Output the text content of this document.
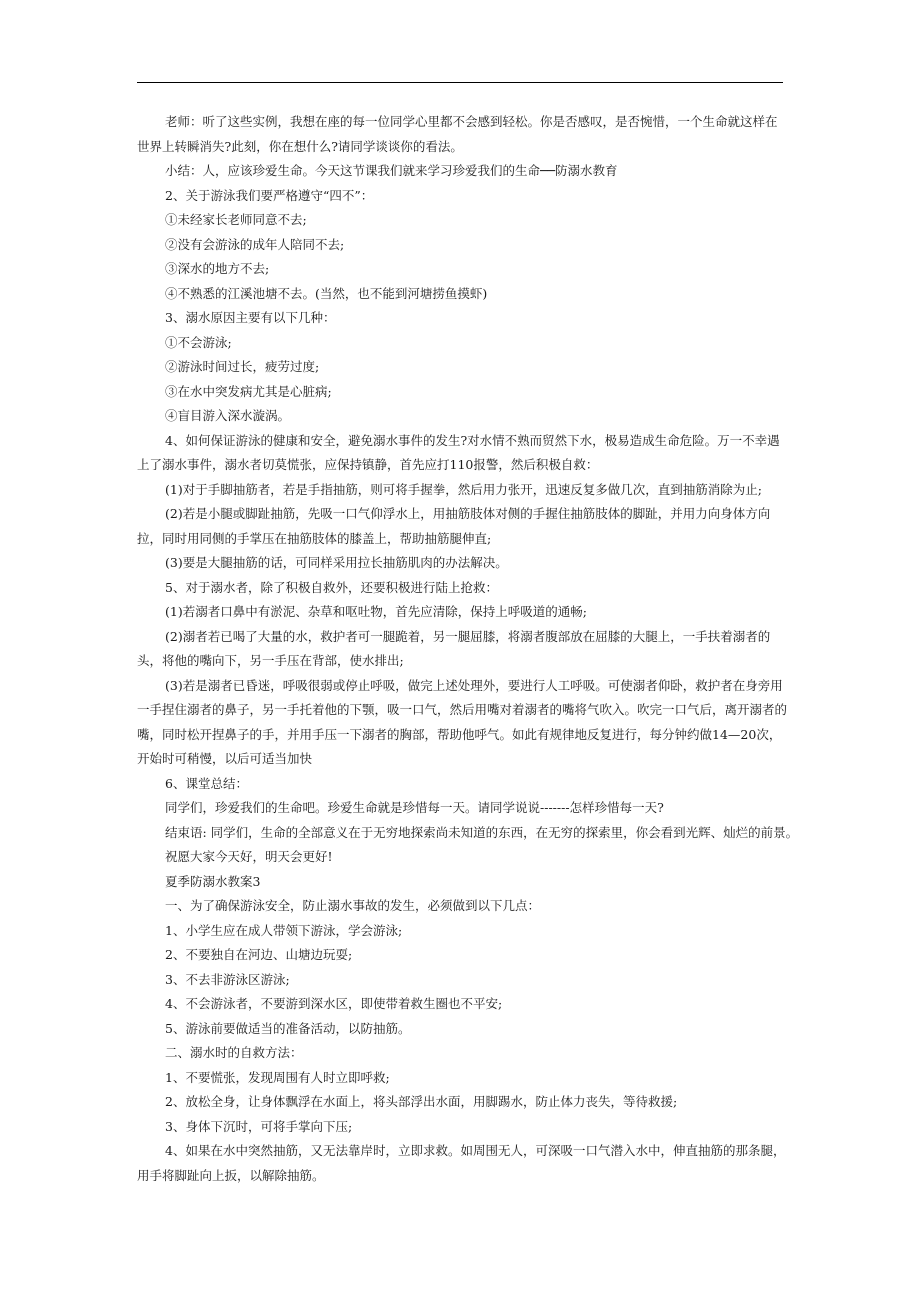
老师：听了这些实例，我想在座的每一位同学心里都不会感到轻松。你是否感叹，是否惋惜，一个生命就这样在世界上转瞬消失?此刻，你在想什么?请同学谈谈你的看法。

小结：人，应该珍爱生命。今天这节课我们就来学习珍爱我们的生命──防溺水教育

2、关于游泳我们要严格遵守“四不”：

①未经家长老师同意不去;

②没有会游泳的成年人陪同不去;

③深水的地方不去;

④不熟悉的江溪池塘不去。(当然，也不能到河塘捞鱼摸虾)

3、溺水原因主要有以下几种：

①不会游泳;

②游泳时间过长，疲劳过度;

③在水中突发病尤其是心脏病;

④盲目游入深水漩涡。

4、如何保证游泳的健康和安全，避免溺水事件的发生?对水情不熟而贸然下水，极易造成生命危险。万一不幸遇上了溺水事件，溺水者切莫慌张，应保持镇静，首先应打110报警，然后积极自救：

(1)对于手脚抽筋者，若是手指抽筋，则可将手握拳，然后用力张开，迅速反复多做几次，直到抽筋消除为止;

(2)若是小腿或脚趾抽筋，先吸一口气仰浮水上，用抽筋肢体对侧的手握住抽筋肢体的脚趾，并用力向身体方向拉，同时用同侧的手掌压在抽筋肢体的膝盖上，帮助抽筋腿伸直;

(3)要是大腿抽筋的话，可同样采用拉长抽筋肌肉的办法解决。

5、对于溺水者，除了积极自救外，还要积极进行陆上抢救：

(1)若溺者口鼻中有淤泥、杂草和呕吐物，首先应清除，保持上呼吸道的通畅;

(2)溺者若已喝了大量的水，救护者可一腿跪着，另一腿屈膝，将溺者腹部放在屈膝的大腿上，一手扶着溺者的头，将他的嘴向下，另一手压在背部，使水排出;

(3)若是溺者已昏迷，呼吸很弱或停止呼吸，做完上述处理外，要进行人工呼吸。可使溺者仰卧，救护者在身旁用一手捏住溺者的鼻子，另一手托着他的下颚，吸一口气，然后用嘴对着溺者的嘴将气吹入。吹完一口气后，离开溺者的嘴，同时松开捏鼻子的手，并用手压一下溺者的胸部，帮助他呼气。如此有规律地反复进行，每分钟约做14—20次，开始时可稍慢，以后可适当加快

6、课堂总结：

同学们，珍爱我们的生命吧。珍爱生命就是珍惜每一天。请同学说说-------怎样珍惜每一天?

结束语: 同学们，生命的全部意义在于无穷地探索尚未知道的东西，在无穷的探索里，你会看到光辉、灿烂的前景。

祝愿大家今天好，明天会更好!

夏季防溺水教案3

一、为了确保游泳安全，防止溺水事故的发生，必须做到以下几点：

1、小学生应在成人带领下游泳，学会游泳;

2、不要独自在河边、山塘边玩耍;

3、不去非游泳区游泳;

4、不会游泳者，不要游到深水区，即使带着救生圈也不平安;

5、游泳前要做适当的准备活动，以防抽筋。

二、溺水时的自救方法：

1、不要慌张，发现周围有人时立即呼救;

2、放松全身，让身体飘浮在水面上，将头部浮出水面，用脚踢水，防止体力丧失，等待救援;

3、身体下沉时，可将手掌向下压;

4、如果在水中突然抽筋，又无法靠岸时，立即求救。如周围无人，可深吸一口气潜入水中，伸直抽筋的那条腿，用手将脚趾向上扳，以解除抽筋。
